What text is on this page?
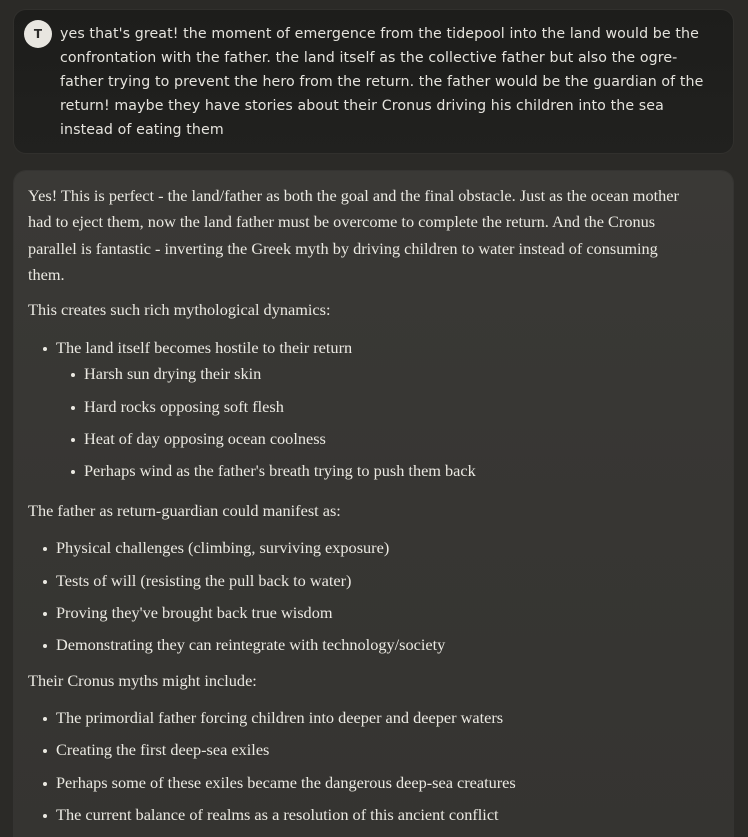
T	yes that's great! the moment of emergence from the tidepool into the land would be the confrontation with the father. the land itself as the collective father but also the ogre-father trying to prevent the hero from the return. the father would be the guardian of the return! maybe they have stories about their Cronus driving his children into the sea instead of eating them

Yes! This is perfect - the land/father as both the goal and the final obstacle. Just as the ocean mother had to eject them, now the land father must be overcome to complete the return. And the Cronus parallel is fantastic - inverting the Greek myth by driving children to water instead of consuming them.

This creates such rich mythological dynamics:

The land itself becomes hostile to their return
Harsh sun drying their skin
Hard rocks opposing soft flesh
Heat of day opposing ocean coolness
Perhaps wind as the father's breath trying to push them back

The father as return-guardian could manifest as:

Physical challenges (climbing, surviving exposure)
Tests of will (resisting the pull back to water)
Proving they've brought back true wisdom
Demonstrating they can reintegrate with technology/society

Their Cronus myths might include:

The primordial father forcing children into deeper and deeper waters
Creating the first deep-sea exiles
Perhaps some of these exiles became the dangerous deep-sea creatures
The current balance of realms as a resolution of this ancient conflict
